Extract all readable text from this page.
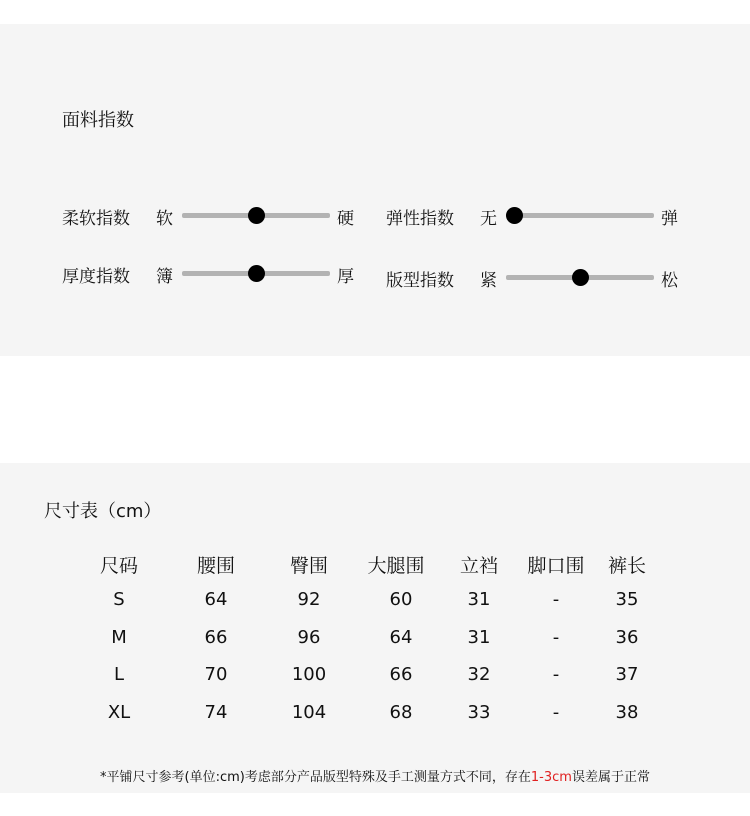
面料指数
柔软指数 软	硬 弹性指数 无	弹
厚度指数 簿	厚 版型指数 紧	松
尺寸表（cm）
尺码	腰围	臀围	大腿围	立裆	脚口围	裤长
S	64	92	60	31	-	35
M	66	96	64	31	-	36
L	70	100	66	32	-	37
XL	74	104	68	33	-	38
*平铺尺寸参考(单位:cm)考虑部分产品版型特殊及手工测量方式不同，存在1-3cm误差属于正常
